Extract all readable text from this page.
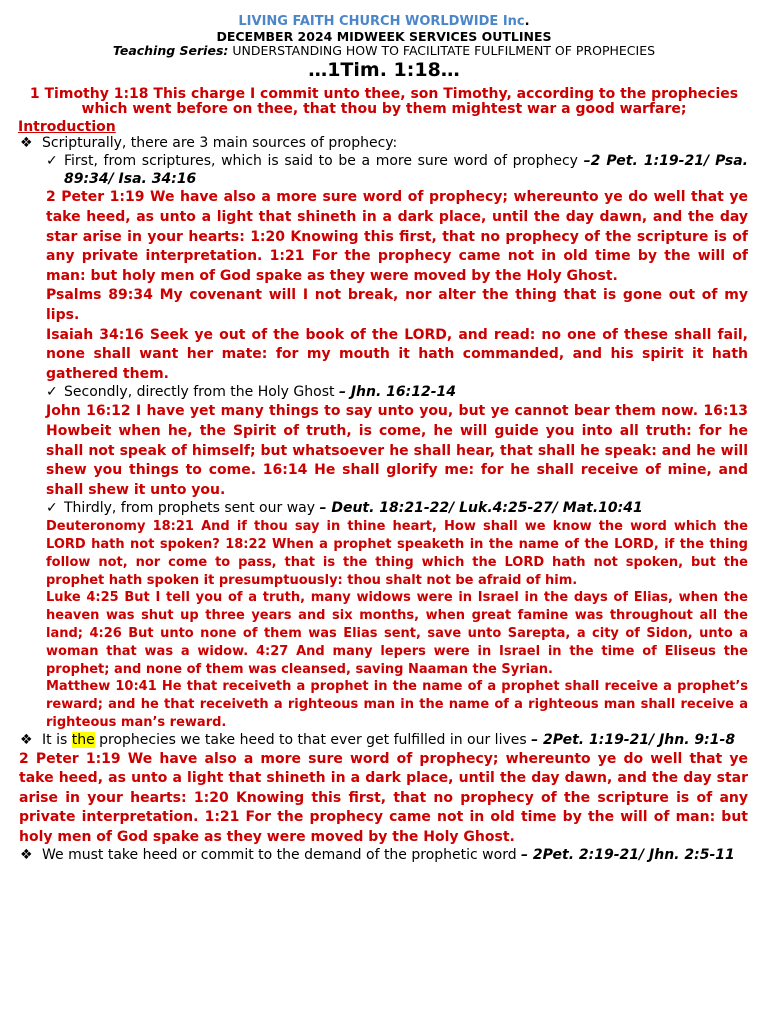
LIVING FAITH CHURCH WORLDWIDE Inc.
DECEMBER 2024 MIDWEEK SERVICES OUTLINES
Teaching Series: UNDERSTANDING HOW TO FACILITATE FULFILMENT OF PROPHECIES
…1Tim. 1:18…
1 Timothy 1:18 This charge I commit unto thee, son Timothy, according to the prophecies which went before on thee, that thou by them mightest war a good warfare;
Introduction
❖ Scripturally, there are 3 main sources of prophecy:
✓ First, from scriptures, which is said to be a more sure word of prophecy –2 Pet. 1:19-21/ Psa. 89:34/ Isa. 34:16
2 Peter 1:19 We have also a more sure word of prophecy; whereunto ye do well that ye take heed, as unto a light that shineth in a dark place, until the day dawn, and the day star arise in your hearts: 1:20 Knowing this first, that no prophecy of the scripture is of any private interpretation. 1:21 For the prophecy came not in old time by the will of man: but holy men of God spake as they were moved by the Holy Ghost.
Psalms 89:34 My covenant will I not break, nor alter the thing that is gone out of my lips.
Isaiah 34:16 Seek ye out of the book of the LORD, and read: no one of these shall fail, none shall want her mate: for my mouth it hath commanded, and his spirit it hath gathered them.
✓ Secondly, directly from the Holy Ghost – Jhn. 16:12-14
John 16:12 I have yet many things to say unto you, but ye cannot bear them now. 16:13 Howbeit when he, the Spirit of truth, is come, he will guide you into all truth: for he shall not speak of himself; but whatsoever he shall hear, that shall he speak: and he will shew you things to come. 16:14 He shall glorify me: for he shall receive of mine, and shall shew it unto you.
✓ Thirdly, from prophets sent our way – Deut. 18:21-22/ Luk.4:25-27/ Mat.10:41
Deuteronomy 18:21 And if thou say in thine heart, How shall we know the word which the LORD hath not spoken? 18:22 When a prophet speaketh in the name of the LORD, if the thing follow not, nor come to pass, that is the thing which the LORD hath not spoken, but the prophet hath spoken it presumptuously: thou shalt not be afraid of him.
Luke 4:25 But I tell you of a truth, many widows were in Israel in the days of Elias, when the heaven was shut up three years and six months, when great famine was throughout all the land; 4:26 But unto none of them was Elias sent, save unto Sarepta, a city of Sidon, unto a woman that was a widow. 4:27 And many lepers were in Israel in the time of Eliseus the prophet; and none of them was cleansed, saving Naaman the Syrian.
Matthew 10:41 He that receiveth a prophet in the name of a prophet shall receive a prophet’s reward; and he that receiveth a righteous man in the name of a righteous man shall receive a righteous man’s reward.
❖ It is the prophecies we take heed to that ever get fulfilled in our lives – 2Pet. 1:19-21/ Jhn. 9:1-8
2 Peter 1:19 We have also a more sure word of prophecy; whereunto ye do well that ye take heed, as unto a light that shineth in a dark place, until the day dawn, and the day star arise in your hearts: 1:20 Knowing this first, that no prophecy of the scripture is of any private interpretation. 1:21 For the prophecy came not in old time by the will of man: but holy men of God spake as they were moved by the Holy Ghost.
❖ We must take heed or commit to the demand of the prophetic word – 2Pet. 2:19-21/ Jhn. 2:5-11
